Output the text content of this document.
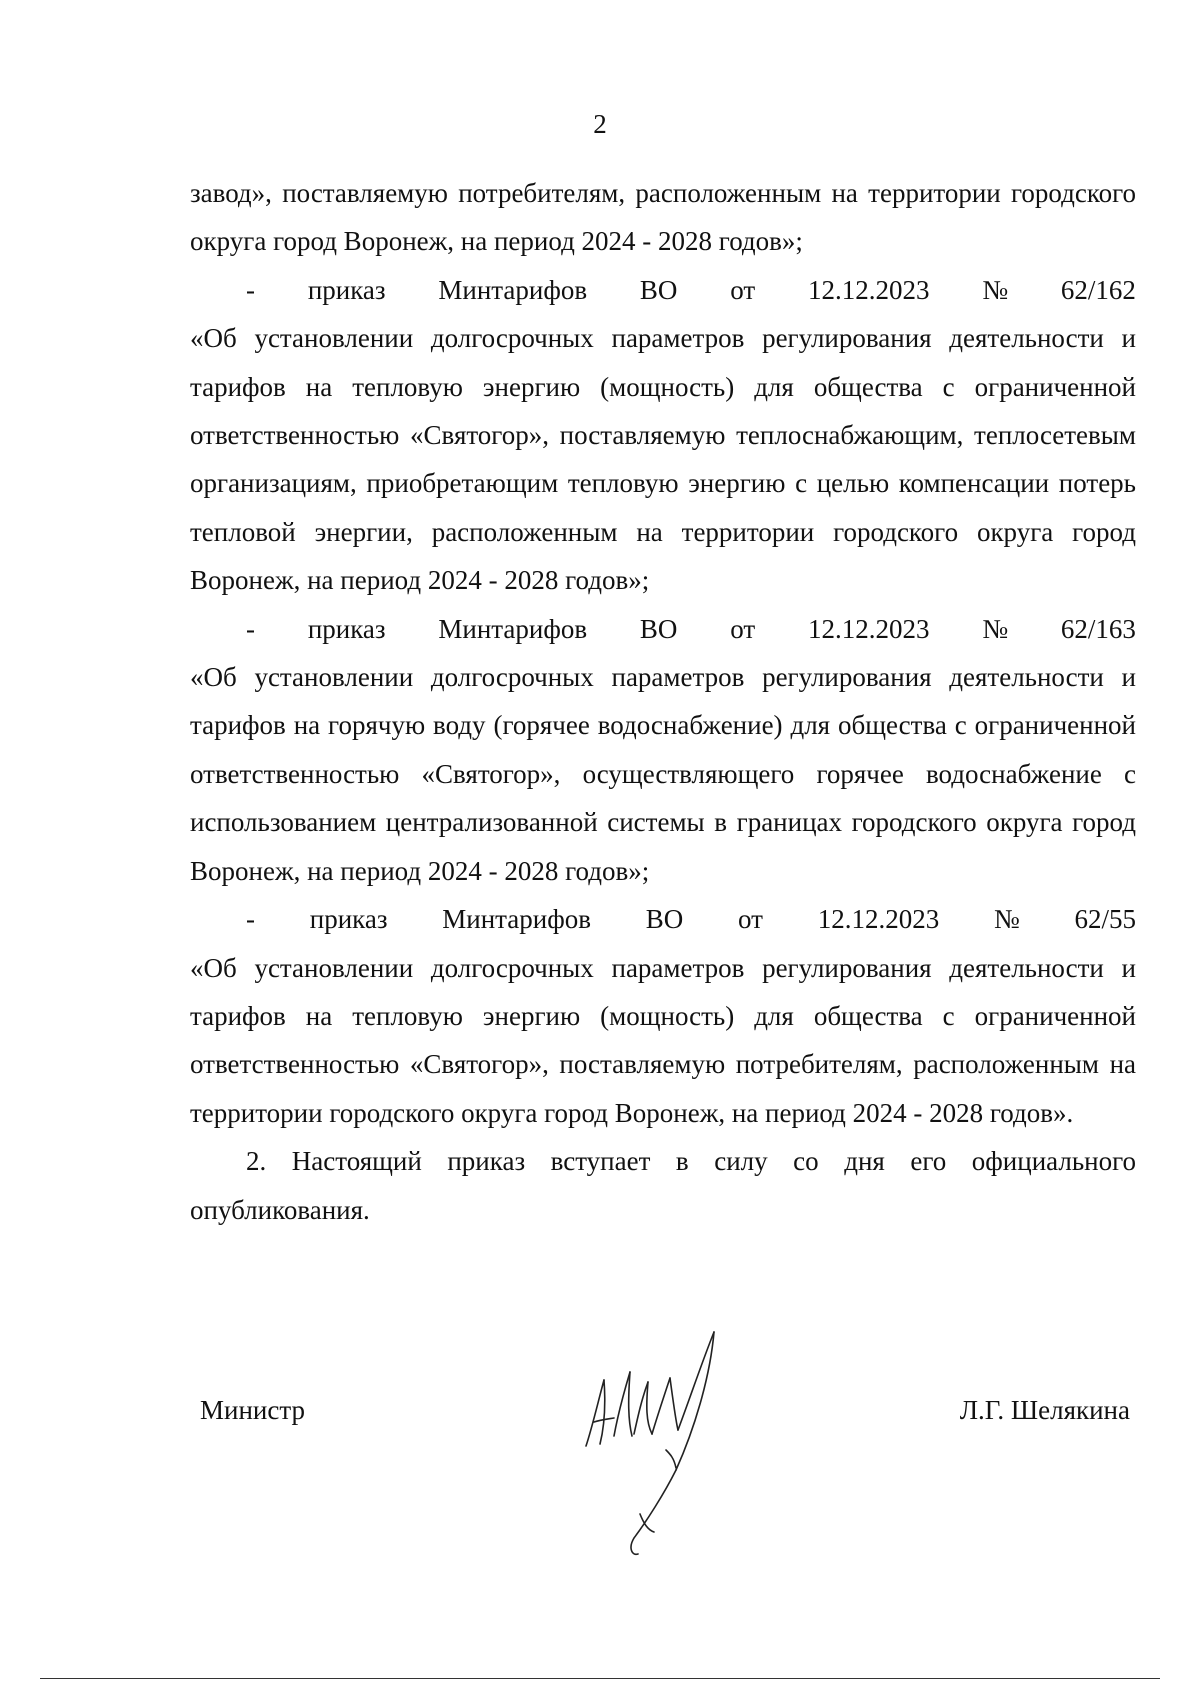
2

завод», поставляемую потребителям, расположенным на территории городского округа город Воронеж, на период 2024 - 2028 годов»;

- приказ Минтарифов ВО от 12.12.2023 № 62/162

«Об установлении долгосрочных параметров регулирования деятельности и тарифов на тепловую энергию (мощность) для общества с ограниченной ответственностью «Святогор», поставляемую теплоснабжающим, теплосетевым организациям, приобретающим тепловую энергию с целью компенсации потерь тепловой энергии, расположенным на территории городского округа город Воронеж, на период 2024 - 2028 годов»;

- приказ Минтарифов ВО от 12.12.2023 № 62/163

«Об установлении долгосрочных параметров регулирования деятельности и тарифов на горячую воду (горячее водоснабжение) для общества с ограниченной ответственностью «Святогор», осуществляющего горячее водоснабжение с использованием централизованной системы в границах городского округа город Воронеж, на период 2024 - 2028 годов»;

- приказ Минтарифов ВО от 12.12.2023 № 62/55

«Об установлении долгосрочных параметров регулирования деятельности и тарифов на тепловую энергию (мощность) для общества с ограниченной ответственностью «Святогор», поставляемую потребителям, расположенным на территории городского округа город Воронеж, на период 2024 - 2028 годов».

2. Настоящий приказ вступает в силу со дня его официального опубликования.

Министр	Л.Г. Шелякина
